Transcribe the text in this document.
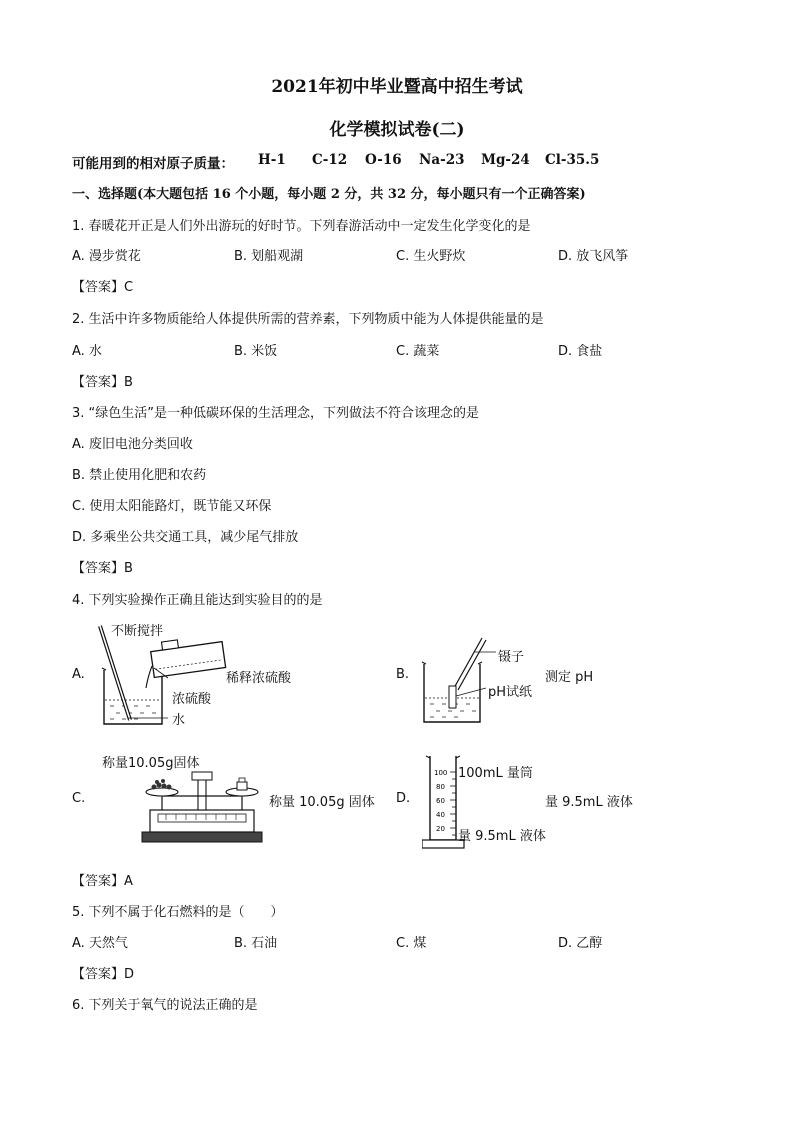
2021年初中毕业暨高中招生考试
化学模拟试卷(二)
可能用到的相对原子质量： H-1 C-12 O-16 Na-23 Mg-24 Cl-35.5
一、选择题(本大题包括 16 个小题，每小题 2 分，共 32 分，每小题只有一个正确答案)
1. 春暖花开正是人们外出游玩的好时节。下列春游活动中一定发生化学变化的是
A. 漫步赏花	B. 划船观湖	C. 生火野炊	D. 放飞风筝
【答案】C
2. 生活中许多物质能给人体提供所需的营养素，下列物质中能为人体提供能量的是
A. 水	B. 米饭	C. 蔬菜	D. 食盐
【答案】B
3. “绿色生活”是一种低碳环保的生活理念，下列做法不符合该理念的是
A. 废旧电池分类回收
B. 禁止使用化肥和农药
C. 使用太阳能路灯，既节能又环保
D. 多乘坐公共交通工具，减少尾气排放
【答案】B
4. 下列实验操作正确且能达到实验目的的是
A.
不断搅拌
稀释浓硫酸
浓硫酸
水
B.
镊子
pH试纸
测定 pH
C.
称量10.05g固体
称量 10.05g 固体 D.
100
80
60
40
20
100mL 量筒
量 9.5mL 液体
量 9.5mL 液体
【答案】A
5. 下列不属于化石燃料的是（　　）
A. 天然气	B. 石油	C. 煤	D. 乙醇
【答案】D
6. 下列关于氧气的说法正确的是
